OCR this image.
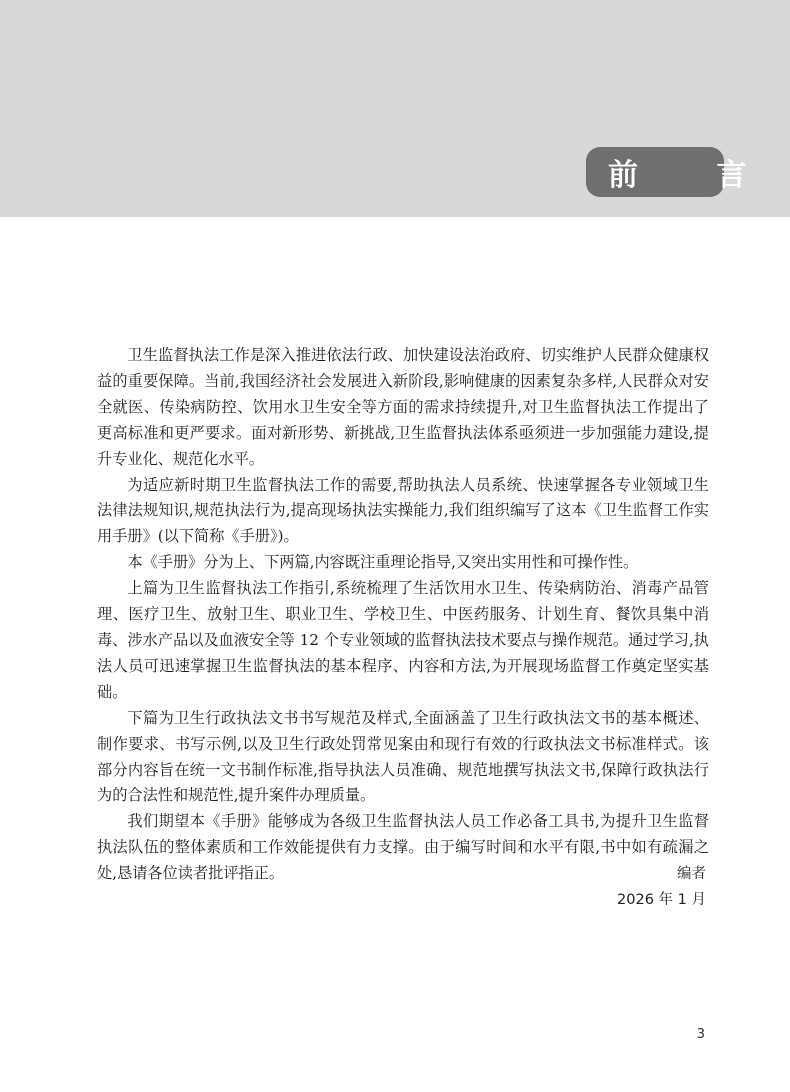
前 言

卫生监督执法工作是深入推进依法行政、加快建设法治政府、切实维护人民群众健康权益的重要保障。当前,我国经济社会发展进入新阶段,影响健康的因素复杂多样,人民群众对安全就医、传染病防控、饮用水卫生安全等方面的需求持续提升,对卫生监督执法工作提出了更高标准和更严要求。面对新形势、新挑战,卫生监督执法体系亟须进一步加强能力建设,提升专业化、规范化水平。

为适应新时期卫生监督执法工作的需要,帮助执法人员系统、快速掌握各专业领域卫生法律法规知识,规范执法行为,提高现场执法实操能力,我们组织编写了这本《卫生监督工作实用手册》(以下简称《手册》)。

本《手册》分为上、下两篇,内容既注重理论指导,又突出实用性和可操作性。

上篇为卫生监督执法工作指引,系统梳理了生活饮用水卫生、传染病防治、消毒产品管理、医疗卫生、放射卫生、职业卫生、学校卫生、中医药服务、计划生育、餐饮具集中消毒、涉水产品以及血液安全等 12 个专业领域的监督执法技术要点与操作规范。通过学习,执法人员可迅速掌握卫生监督执法的基本程序、内容和方法,为开展现场监督工作奠定坚实基础。

下篇为卫生行政执法文书书写规范及样式,全面涵盖了卫生行政执法文书的基本概述、制作要求、书写示例,以及卫生行政处罚常见案由和现行有效的行政执法文书标准样式。该部分内容旨在统一文书制作标准,指导执法人员准确、规范地撰写执法文书,保障行政执法行为的合法性和规范性,提升案件办理质量。

我们期望本《手册》能够成为各级卫生监督执法人员工作必备工具书,为提升卫生监督执法队伍的整体素质和工作效能提供有力支撑。由于编写时间和水平有限,书中如有疏漏之处,恳请各位读者批评指正。	编者
2026 年 1 月
3
